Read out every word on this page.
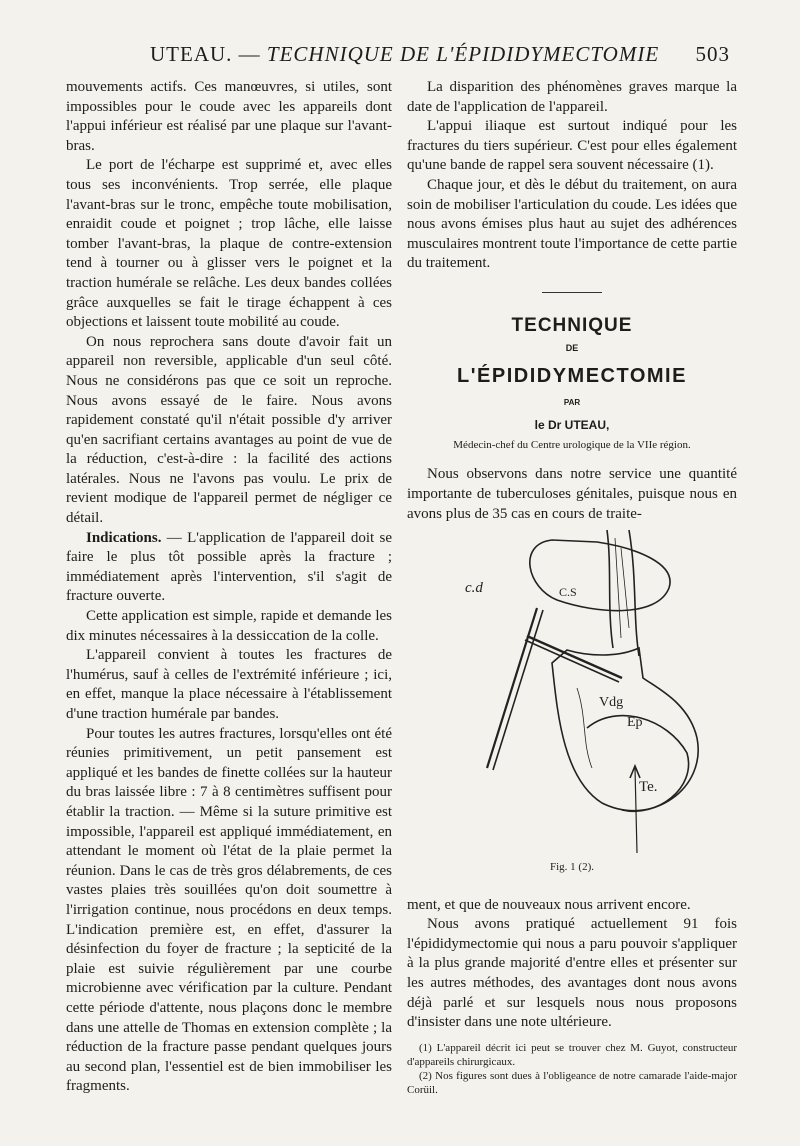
UTEAU. — TECHNIQUE DE L'ÉPIDIDYMECTOMIE 503

mouvements actifs. Ces manœuvres, si utiles, sont impossibles pour le coude avec les appareils dont l'appui inférieur est réalisé par une plaque sur l'avant-bras.

Le port de l'écharpe est supprimé et, avec elles tous ses inconvénients. Trop serrée, elle plaque l'avant-bras sur le tronc, empêche toute mobilisation, enraidit coude et poignet ; trop lâche, elle laisse tomber l'avant-bras, la plaque de contre-extension tend à tourner ou à glisser vers le poignet et la traction humérale se relâche. Les deux bandes collées grâce auxquelles se fait le tirage échappent à ces objections et laissent toute mobilité au coude.

On nous reprochera sans doute d'avoir fait un appareil non reversible, applicable d'un seul côté. Nous ne considérons pas que ce soit un reproche. Nous avons essayé de le faire. Nous avons rapidement constaté qu'il n'était possible d'y arriver qu'en sacrifiant certains avantages au point de vue de la réduction, c'est-à-dire : la facilité des actions latérales. Nous ne l'avons pas voulu. Le prix de revient modique de l'appareil permet de négliger ce détail.

Indications. — L'application de l'appareil doit se faire le plus tôt possible après la fracture ; immédiatement après l'intervention, s'il s'agit de fracture ouverte.

Cette application est simple, rapide et demande les dix minutes nécessaires à la dessiccation de la colle.

L'appareil convient à toutes les fractures de l'humérus, sauf à celles de l'extrémité inférieure ; ici, en effet, manque la place nécessaire à l'établissement d'une traction humérale par bandes.

Pour toutes les autres fractures, lorsqu'elles ont été réunies primitivement, un petit pansement est appliqué et les bandes de finette collées sur la hauteur du bras laissée libre : 7 à 8 centimètres suffisent pour établir la traction. — Même si la suture primitive est impossible, l'appareil est appliqué immédiatement, en attendant le moment où l'état de la plaie permet la réunion. Dans le cas de très gros délabrements, de ces vastes plaies très souillées qu'on doit soumettre à l'irrigation continue, nous procédons en deux temps. L'indication première est, en effet, d'assurer la désinfection du foyer de fracture ; la septicité de la plaie est suivie régulièrement par une courbe microbienne avec vérification par la culture. Pendant cette période d'attente, nous plaçons donc le membre dans une attelle de Thomas en extension complète ; la réduction de la fracture passe pendant quelques jours au second plan, l'essentiel est de bien immobiliser les fragments.

La disparition des phénomènes graves marque la date de l'application de l'appareil.

L'appui iliaque est surtout indiqué pour les fractures du tiers supérieur. C'est pour elles également qu'une bande de rappel sera souvent nécessaire (1).

Chaque jour, et dès le début du traitement, on aura soin de mobiliser l'articulation du coude. Les idées que nous avons émises plus haut au sujet des adhérences musculaires montrent toute l'importance de cette partie du traitement.

TECHNIQUE
DE
L'ÉPIDIDYMECTOMIE
PAR
le Dr UTEAU,
Médecin-chef du Centre urologique de la VIIe région.

Nous observons dans notre service une quantité importante de tuberculoses génitales, puisque nous en avons plus de 35 cas en cours de traite-

c.d	C.S
Vdg
Ep
Te.
Fig. 1 (2).

ment, et que de nouveaux nous arrivent encore.

Nous avons pratiqué actuellement 91 fois l'épididymectomie qui nous a paru pouvoir s'appliquer à la plus grande majorité d'entre elles et présenter sur les autres méthodes, des avantages dont nous avons déjà parlé et sur lesquels nous nous proposons d'insister dans une note ultérieure.

(1) L'appareil décrit ici peut se trouver chez M. Guyot, constructeur d'appareils chirurgicaux.

(2) Nos figures sont dues à l'obligeance de notre camarade l'aide-major Corüil.
